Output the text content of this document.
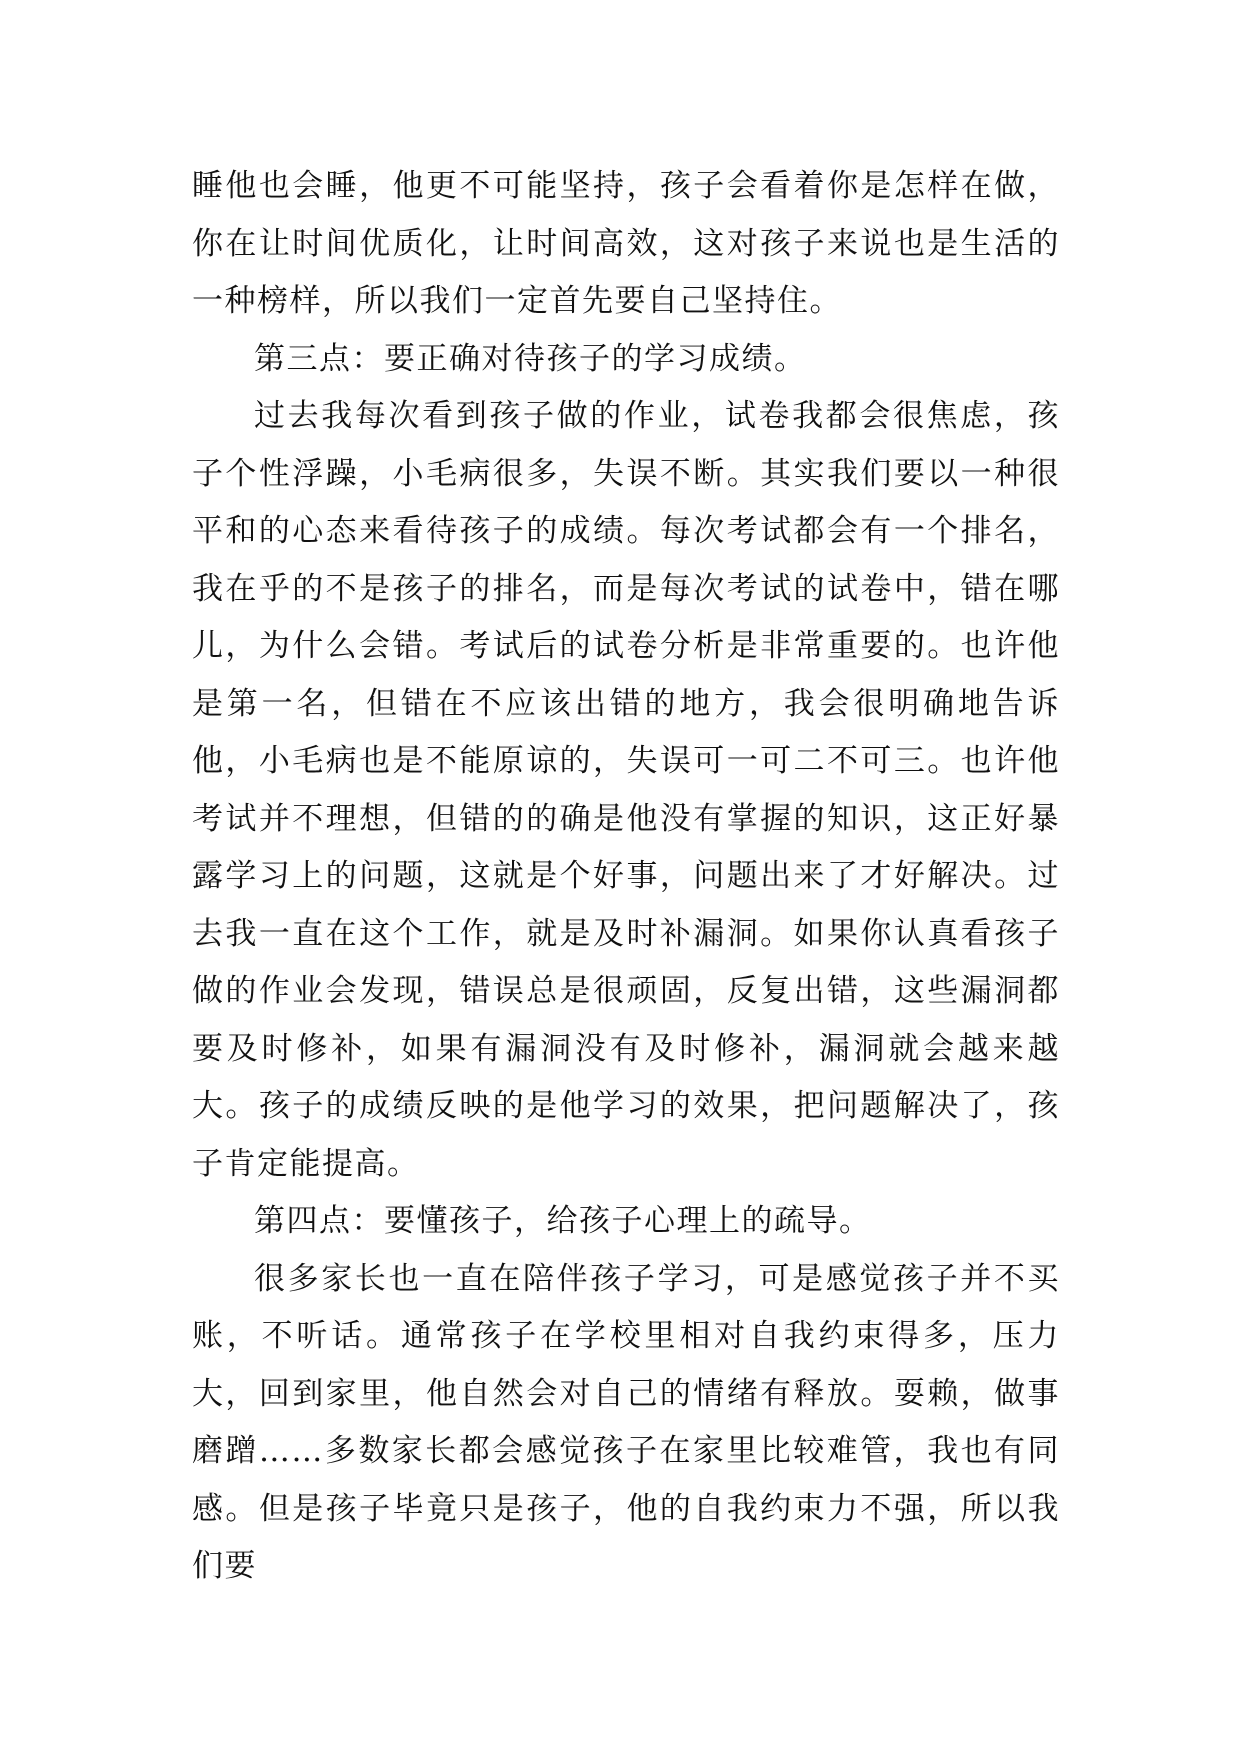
睡他也会睡，他更不可能坚持，孩子会看着你是怎样在做，你在让时间优质化，让时间高效，这对孩子来说也是生活的一种榜样，所以我们一定首先要自己坚持住。

第三点：要正确对待孩子的学习成绩。

过去我每次看到孩子做的作业，试卷我都会很焦虑，孩子个性浮躁，小毛病很多，失误不断。其实我们要以一种很平和的心态来看待孩子的成绩。每次考试都会有一个排名，我在乎的不是孩子的排名，而是每次考试的试卷中，错在哪儿，为什么会错。考试后的试卷分析是非常重要的。也许他是第一名，但错在不应该出错的地方，我会很明确地告诉他，小毛病也是不能原谅的，失误可一可二不可三。也许他考试并不理想，但错的的确是他没有掌握的知识，这正好暴露学习上的问题，这就是个好事，问题出来了才好解决。过去我一直在这个工作，就是及时补漏洞。如果你认真看孩子做的作业会发现，错误总是很顽固，反复出错，这些漏洞都要及时修补，如果有漏洞没有及时修补，漏洞就会越来越大。孩子的成绩反映的是他学习的效果，把问题解决了，孩子肯定能提高。

第四点：要懂孩子，给孩子心理上的疏导。

很多家长也一直在陪伴孩子学习，可是感觉孩子并不买账，不听话。通常孩子在学校里相对自我约束得多，压力大，回到家里，他自然会对自己的情绪有释放。耍赖，做事磨蹭……多数家长都会感觉孩子在家里比较难管，我也有同感。但是孩子毕竟只是孩子，他的自我约束力不强，所以我们要
